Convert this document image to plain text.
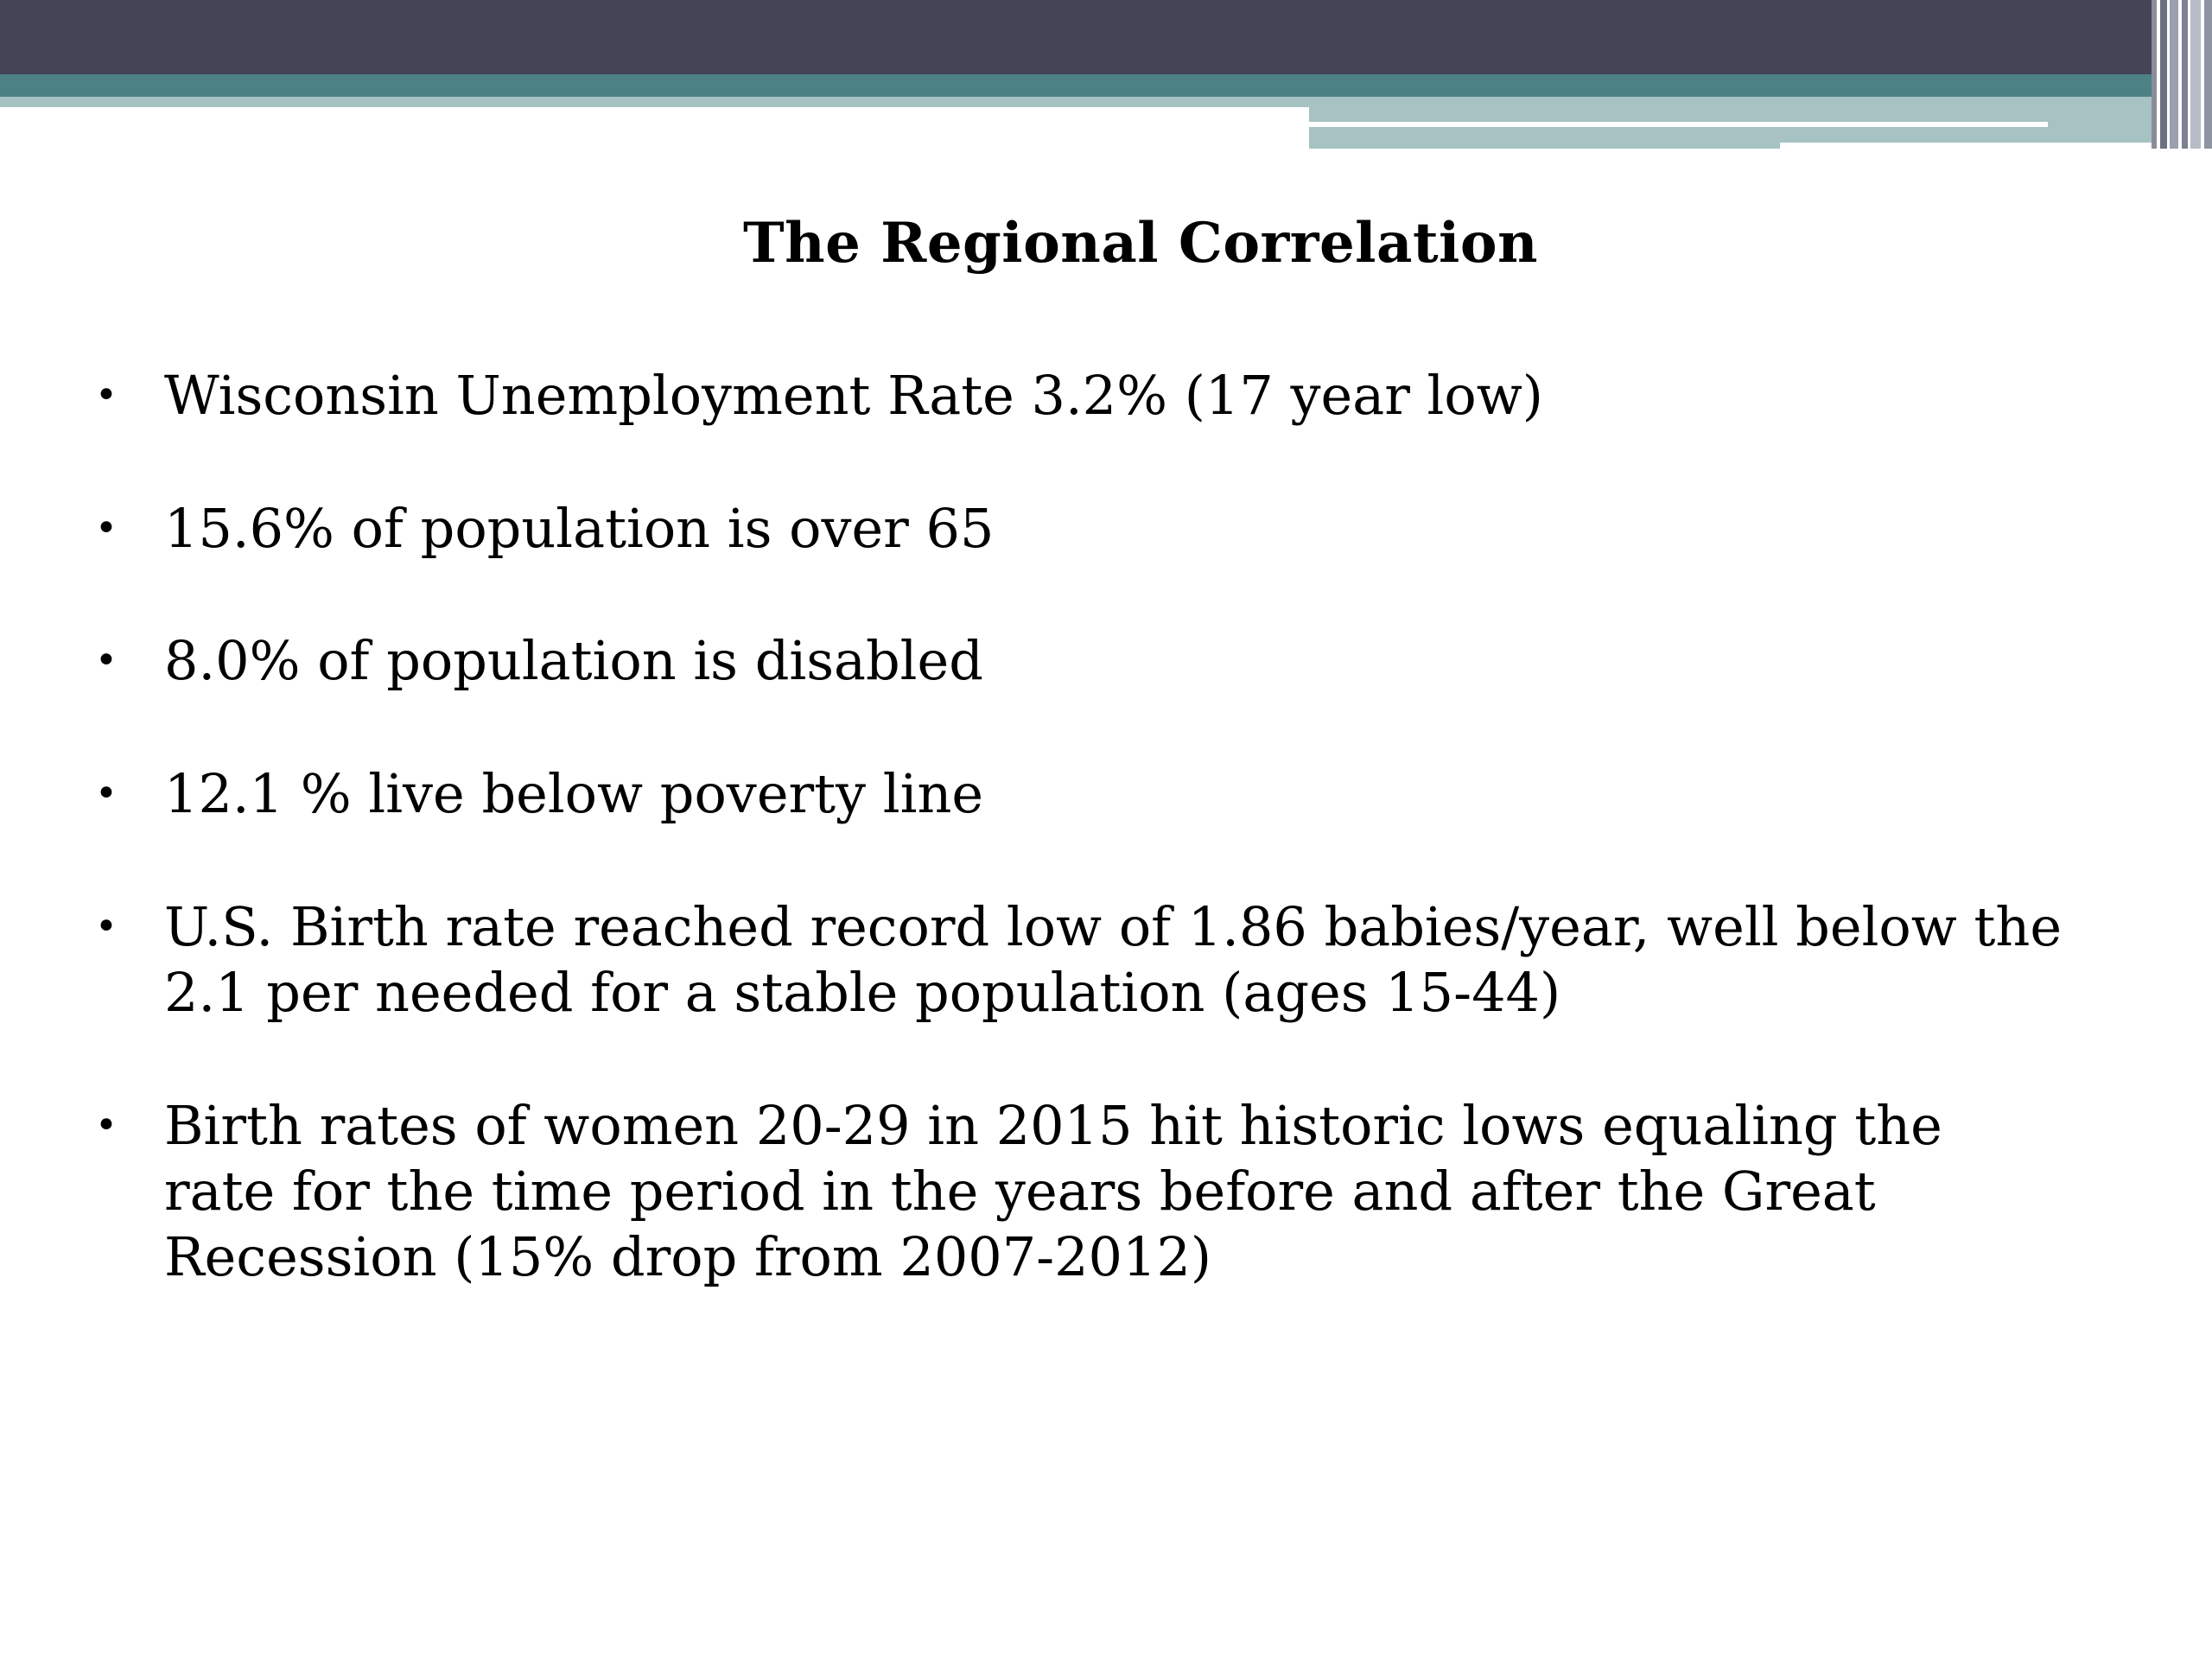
The Regional Correlation
• Wisconsin Unemployment Rate 3.2% (17 year low)
• 15.6% of population is over 65
• 8.0% of population is disabled
• 12.1 % live below poverty line
• U.S. Birth rate reached record low of 1.86 babies/year, well below the 2.1 per needed for a stable population (ages 15-44)
• Birth rates of women 20-29 in 2015 hit historic lows equaling the rate for the time period in the years before and after the Great Recession (15% drop from 2007-2012)
